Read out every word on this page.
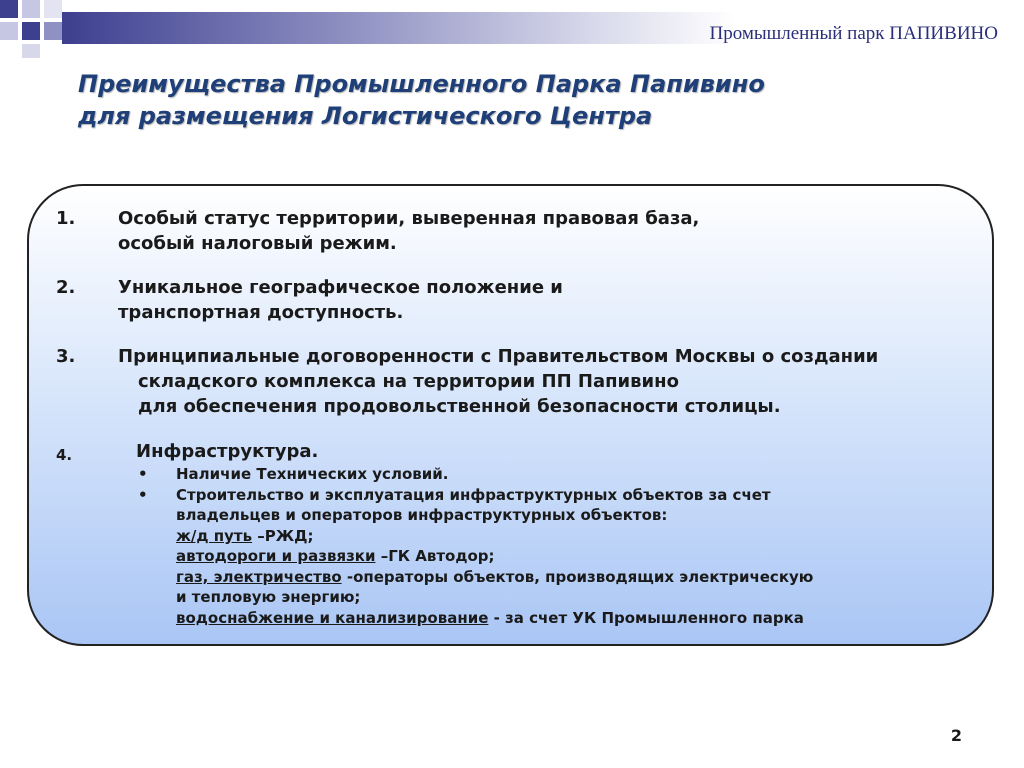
Промышленный парк ПАПИВИНО
Преимущества Промышленного Парка Папивино
для размещения Логистического Центра
1. Особый статус территории, выверенная правовая база,
особый налоговый режим.
2. Уникальное географическое положение и
транспортная доступность.
3. Принципиальные договоренности с Правительством Москвы о создании
складского комплекса на территории ПП Папивино
для обеспечения продовольственной безопасности столицы.
4.	Инфраструктура.
• Наличие Технических условий.
• Строительство и эксплуатация инфраструктурных объектов за счет
владельцев и операторов инфраструктурных объектов:
ж/д путь –РЖД;
автодороги и развязки –ГК Автодор;
газ, электричество -операторы объектов, производящих электрическую
и тепловую энергию;
водоснабжение и канализирование - за счет УК Промышленного парка
2
